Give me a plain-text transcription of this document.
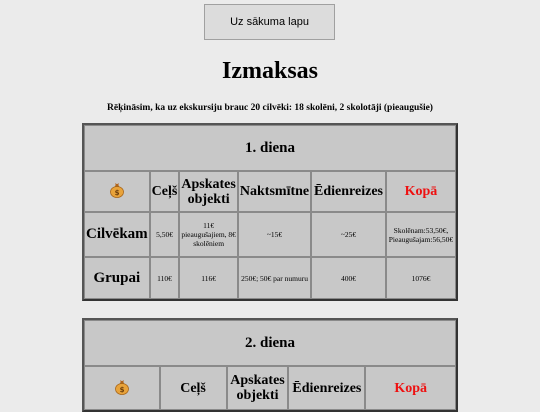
Uz sākuma lapu
Izmaksas
Rēķināsim, ka uz ekskursiju brauc 20 cilvēki: 18 skolēni, 2 skolotāji (pieaugušie)
1. diena					

$	Ceļš	Apskates objekti	Naktsmītne	Ēdienreizes	Kopā
Cilvēkam	5,50€	11€ pieaugušajiem, 8€ skolēniem	~15€	~25€	Skolēnam:53,50€, Pieaugušajam:56,50€
Grupai	110€	116€	250€; 50€ par numuru	400€	1076€
2. diena

$	Ceļš	Apskates objekti	Ēdienreizes	Kopā
